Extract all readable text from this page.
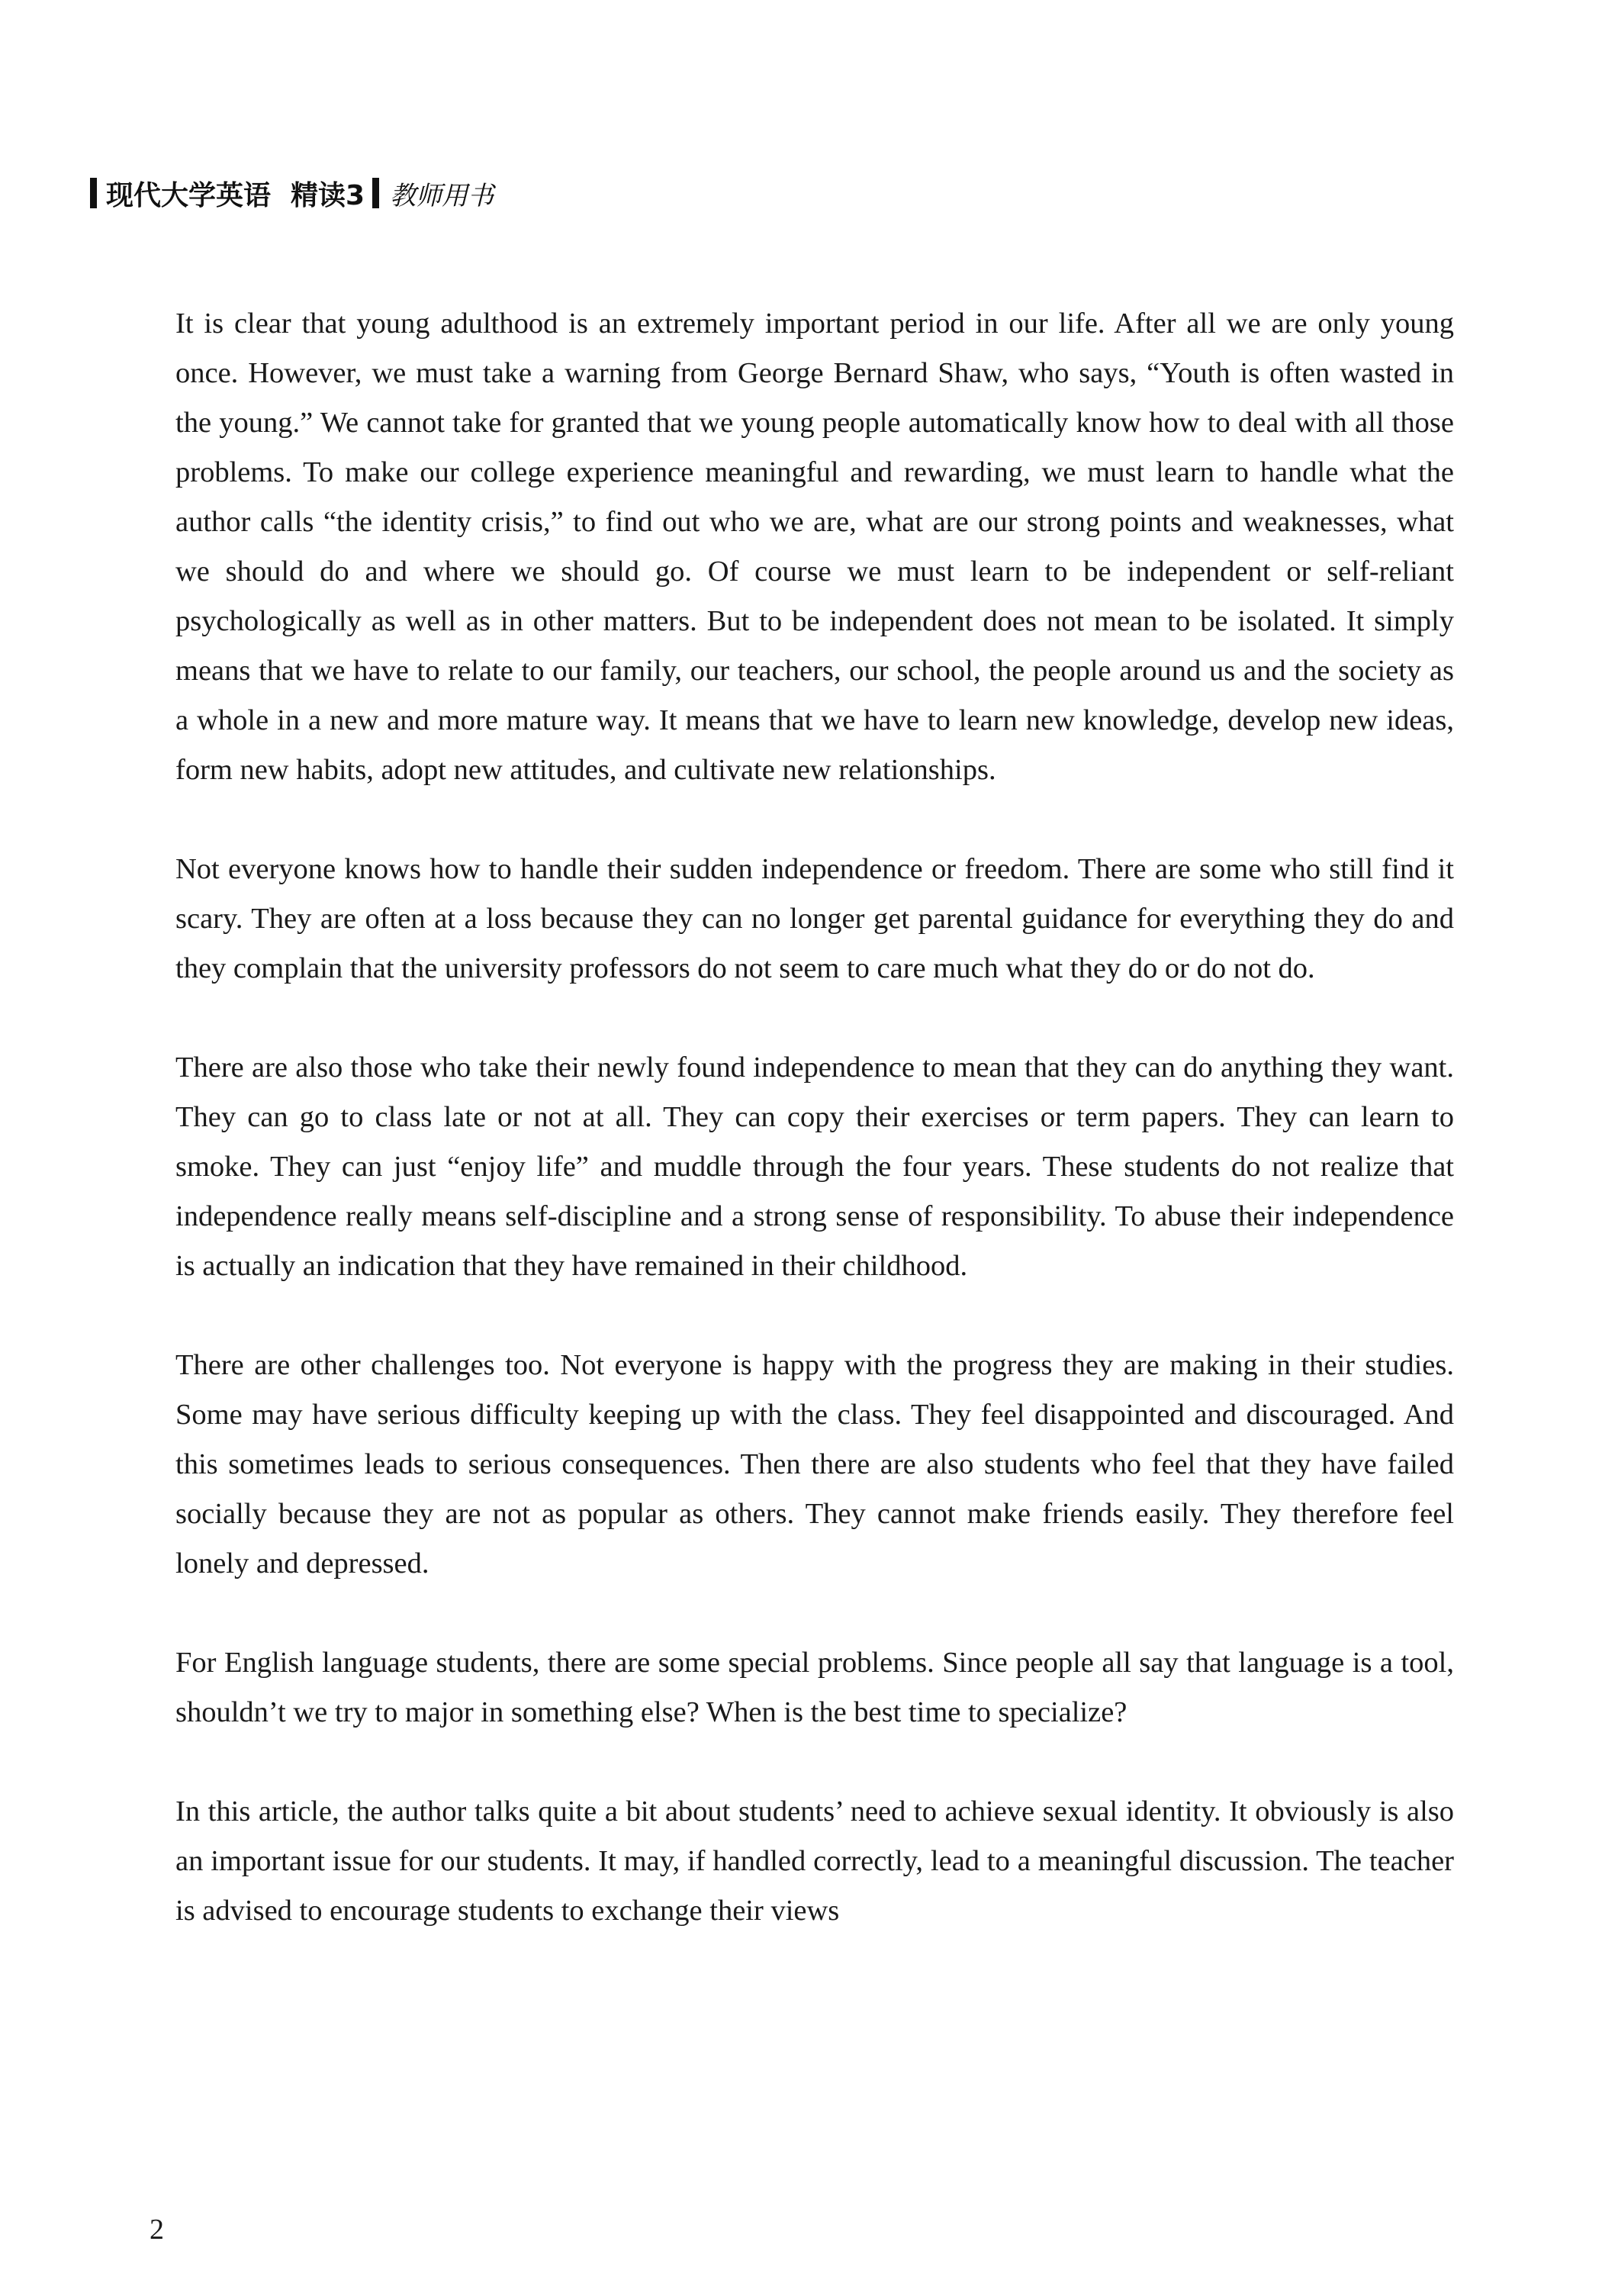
现代大学英语 精读3 教师用书

It is clear that young adulthood is an extremely important period in our life. After all we are only young once. However, we must take a warning from George Bernard Shaw, who says, “Youth is often wasted in the young.” We cannot take for granted that we young people automatically know how to deal with all those problems. To make our college experience meaningful and rewarding, we must learn to handle what the author calls “the identity crisis,” to find out who we are, what are our strong points and weaknesses, what we should do and where we should go. Of course we must learn to be independent or self-reliant psychologically as well as in other matters. But to be independent does not mean to be isolated. It simply means that we have to relate to our family, our teachers, our school, the people around us and the society as a whole in a new and more mature way. It means that we have to learn new knowledge, develop new ideas, form new habits, adopt new attitudes, and cultivate new relationships.

Not everyone knows how to handle their sudden independence or freedom. There are some who still find it scary. They are often at a loss because they can no longer get parental guidance for everything they do and they complain that the university professors do not seem to care much what they do or do not do.

There are also those who take their newly found independence to mean that they can do anything they want. They can go to class late or not at all. They can copy their exercises or term papers. They can learn to smoke. They can just “enjoy life” and muddle through the four years. These students do not realize that independence really means self-discipline and a strong sense of responsibility. To abuse their independence is actually an indication that they have remained in their childhood.

There are other challenges too. Not everyone is happy with the progress they are making in their studies. Some may have serious difficulty keeping up with the class. They feel disappointed and discouraged. And this sometimes leads to serious consequences. Then there are also students who feel that they have failed socially because they are not as popular as others. They cannot make friends easily. They therefore feel lonely and depressed.

For English language students, there are some special problems. Since people all say that language is a tool, shouldn’t we try to major in something else? When is the best time to specialize?

In this article, the author talks quite a bit about students’ need to achieve sexual identity. It obviously is also an important issue for our students. It may, if handled correctly, lead to a meaningful discussion. The teacher is advised to encourage students to exchange their views

2
